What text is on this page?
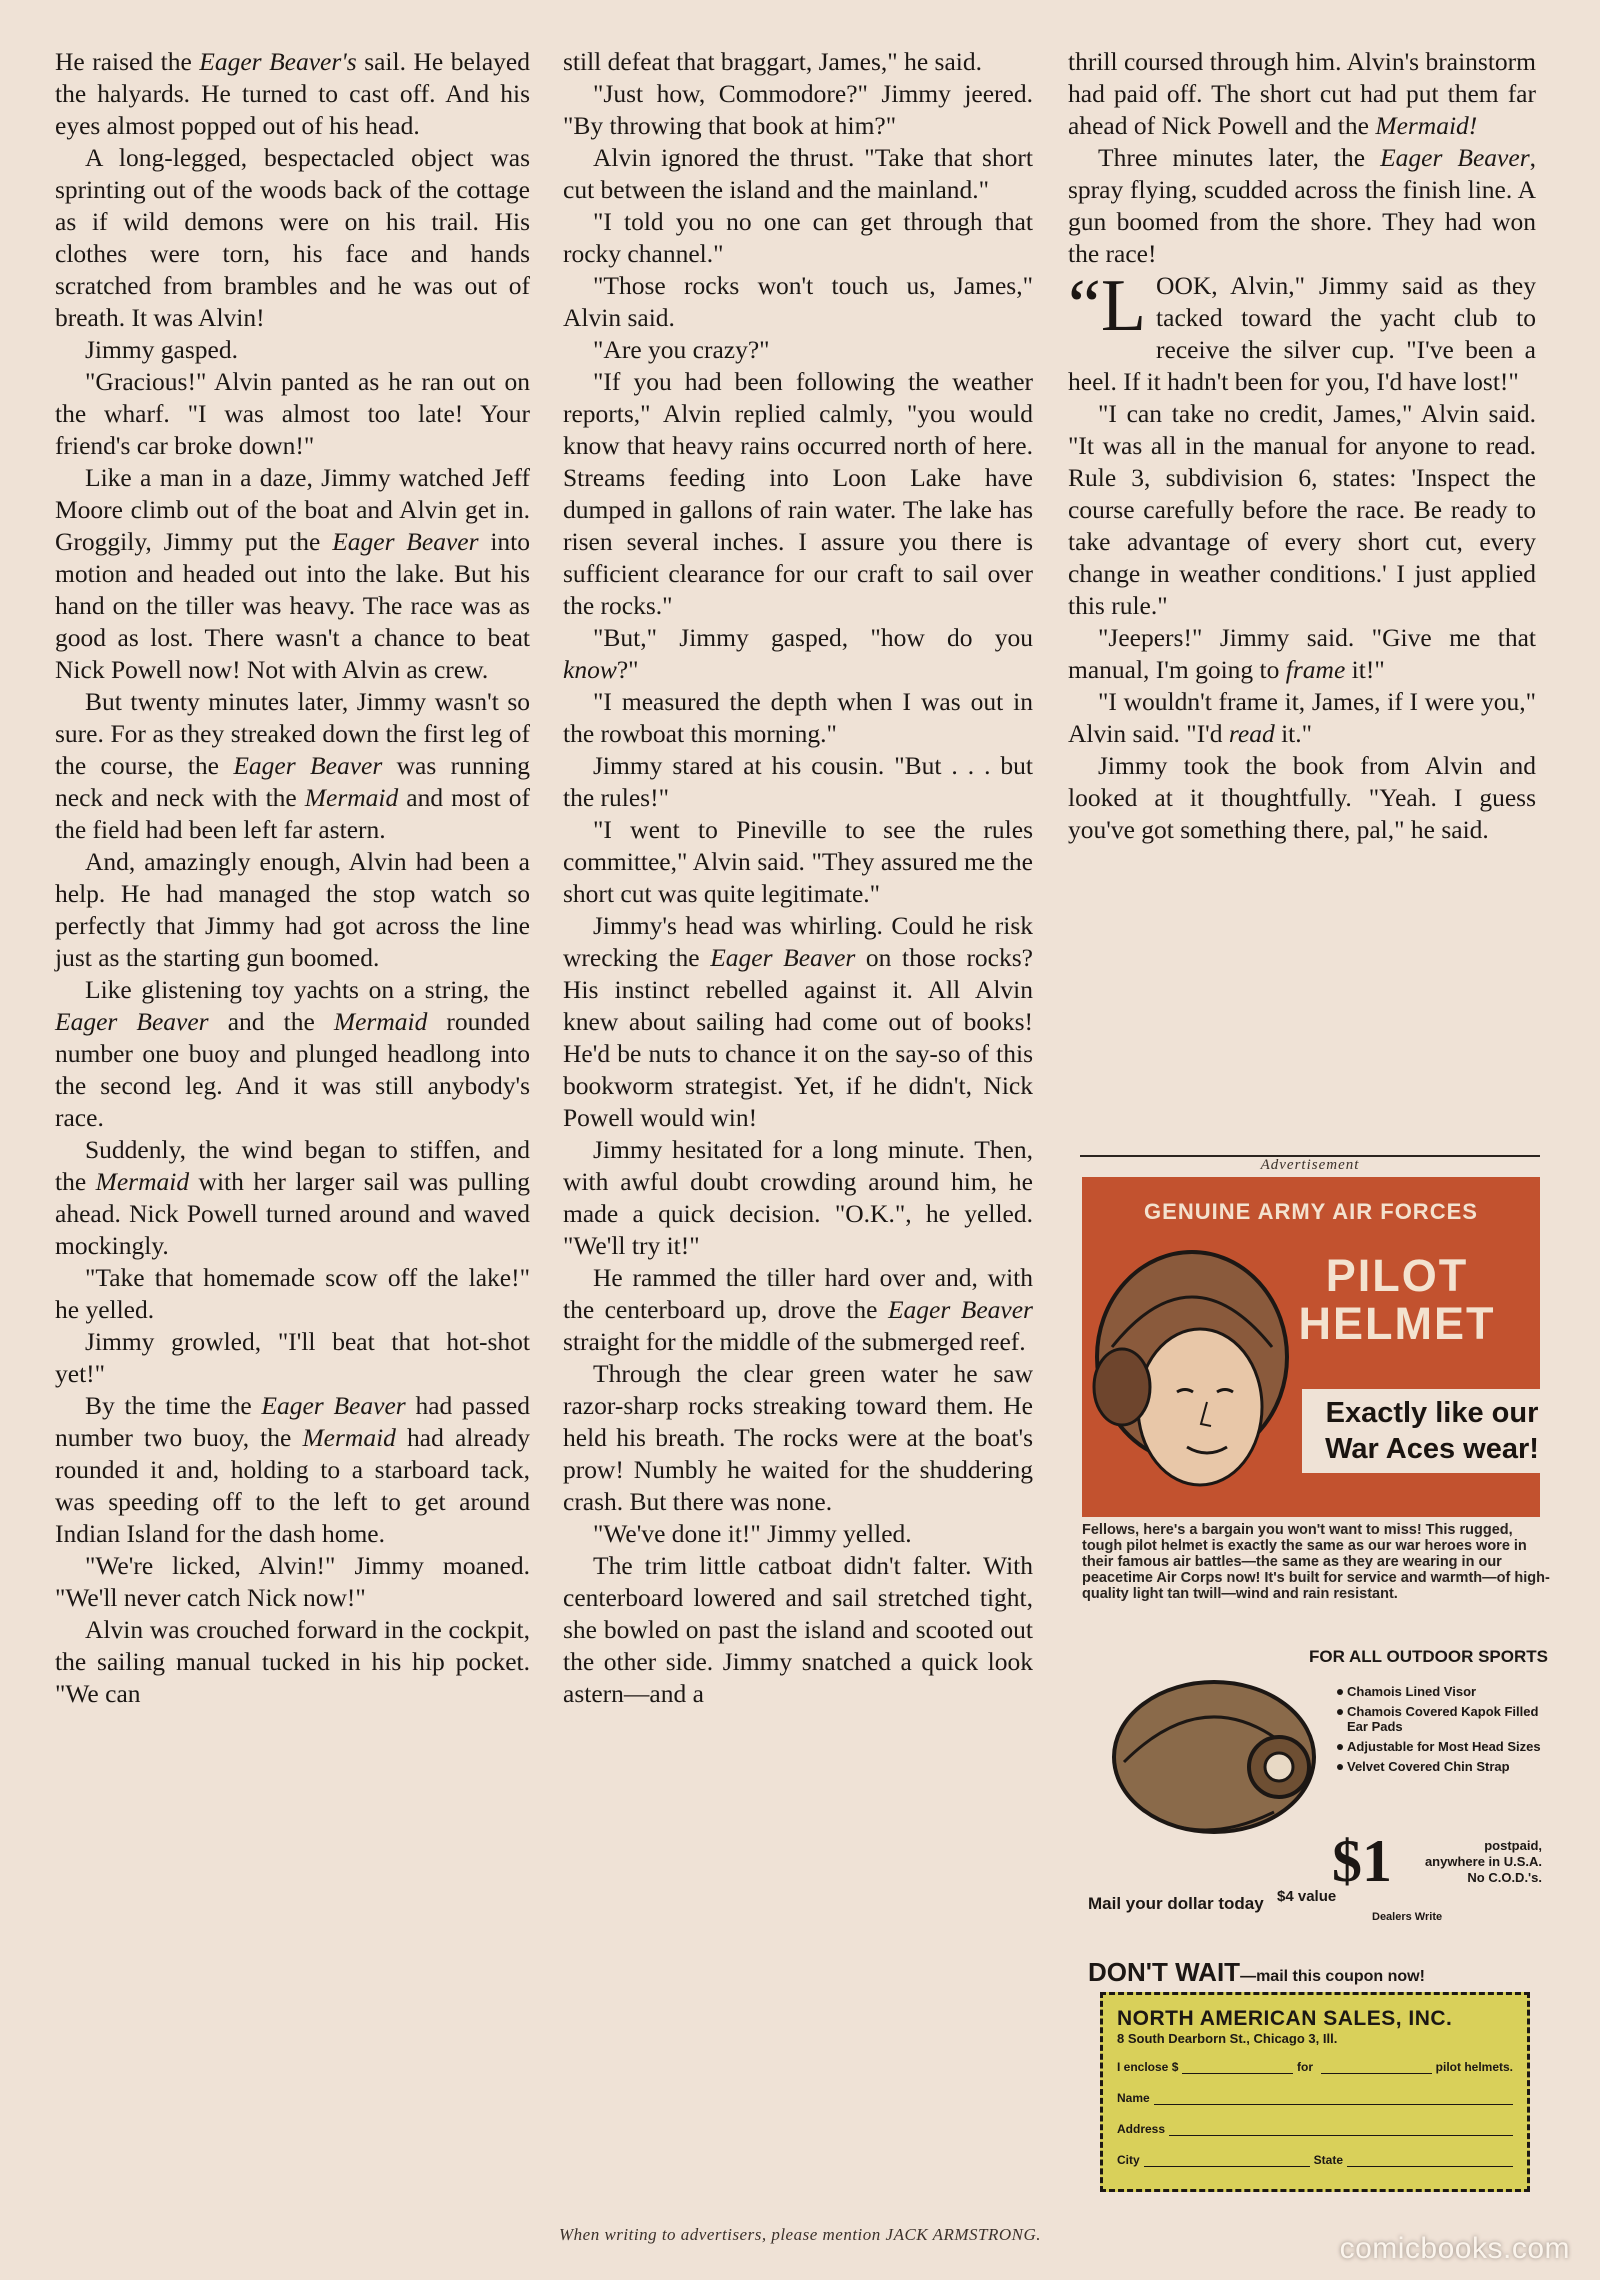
He raised the Eager Beaver's sail. He belayed the halyards. He turned to cast off. And his eyes almost popped out of his head.

A long-legged, bespectacled object was sprinting out of the woods back of the cottage as if wild demons were on his trail. His clothes were torn, his face and hands scratched from brambles and he was out of breath. It was Alvin!

Jimmy gasped.

"Gracious!" Alvin panted as he ran out on the wharf. "I was almost too late! Your friend's car broke down!"

Like a man in a daze, Jimmy watched Jeff Moore climb out of the boat and Alvin get in. Groggily, Jimmy put the Eager Beaver into motion and headed out into the lake. But his hand on the tiller was heavy. The race was as good as lost. There wasn't a chance to beat Nick Powell now! Not with Alvin as crew.

But twenty minutes later, Jimmy wasn't so sure. For as they streaked down the first leg of the course, the Eager Beaver was running neck and neck with the Mermaid and most of the field had been left far astern.

And, amazingly enough, Alvin had been a help. He had managed the stop watch so perfectly that Jimmy had got across the line just as the starting gun boomed.

Like glistening toy yachts on a string, the Eager Beaver and the Mermaid rounded number one buoy and plunged headlong into the second leg. And it was still anybody's race.

Suddenly, the wind began to stiffen, and the Mermaid with her larger sail was pulling ahead. Nick Powell turned around and waved mockingly.

"Take that homemade scow off the lake!" he yelled.

Jimmy growled, "I'll beat that hot-shot yet!"

By the time the Eager Beaver had passed number two buoy, the Mermaid had already rounded it and, holding to a starboard tack, was speeding off to the left to get around Indian Island for the dash home.

"We're licked, Alvin!" Jimmy moaned. "We'll never catch Nick now!"

Alvin was crouched forward in the cockpit, the sailing manual tucked in his hip pocket. "We can

still defeat that braggart, James," he said.

"Just how, Commodore?" Jimmy jeered. "By throwing that book at him?"

Alvin ignored the thrust. "Take that short cut between the island and the mainland."

"I told you no one can get through that rocky channel."

"Those rocks won't touch us, James," Alvin said.

"Are you crazy?"

"If you had been following the weather reports," Alvin replied calmly, "you would know that heavy rains occurred north of here. Streams feeding into Loon Lake have dumped in gallons of rain water. The lake has risen several inches. I assure you there is sufficient clearance for our craft to sail over the rocks."

"But," Jimmy gasped, "how do you know?"

"I measured the depth when I was out in the rowboat this morning."

Jimmy stared at his cousin. "But . . . but the rules!"

"I went to Pineville to see the rules committee," Alvin said. "They assured me the short cut was quite legitimate."

Jimmy's head was whirling. Could he risk wrecking the Eager Beaver on those rocks? His instinct rebelled against it. All Alvin knew about sailing had come out of books! He'd be nuts to chance it on the say-so of this bookworm strategist. Yet, if he didn't, Nick Powell would win!

Jimmy hesitated for a long minute. Then, with awful doubt crowding around him, he made a quick decision. "O.K.", he yelled. "We'll try it!"

He rammed the tiller hard over and, with the centerboard up, drove the Eager Beaver straight for the middle of the submerged reef.

Through the clear green water he saw razor-sharp rocks streaking toward them. He held his breath. The rocks were at the boat's prow! Numbly he waited for the shuddering crash. But there was none.

"We've done it!" Jimmy yelled.

The trim little catboat didn't falter. With centerboard lowered and sail stretched tight, she bowled on past the island and scooted out the other side. Jimmy snatched a quick look astern—and a

thrill coursed through him. Alvin's brainstorm had paid off. The short cut had put them far ahead of Nick Powell and the Mermaid!

Three minutes later, the Eager Beaver, spray flying, scudded across the finish line. A gun boomed from the shore. They had won the race!

“LOOK, Alvin," Jimmy said as they tacked toward the yacht club to receive the silver cup. "I've been a heel. If it hadn't been for you, I'd have lost!"

"I can take no credit, James," Alvin said. "It was all in the manual for anyone to read. Rule 3, subdivision 6, states: 'Inspect the course carefully before the race. Be ready to take advantage of every short cut, every change in weather conditions.' I just applied this rule."

"Jeepers!" Jimmy said. "Give me that manual, I'm going to frame it!"

"I wouldn't frame it, James, if I were you," Alvin said. "I'd read it."

Jimmy took the book from Alvin and looked at it thoughtfully. "Yeah. I guess you've got something there, pal," he said.

Advertisement
GENUINE ARMY AIR FORCES
PILOT
HELMET
Exactly like our War Aces wear!
Fellows, here's a bargain you won't want to miss! This rugged, tough pilot helmet is exactly the same as our war heroes wore in their famous air battles—the same as they are wearing in our peacetime Air Corps now! It's built for service and warmth—of high-quality light tan twill—wind and rain resistant.
FOR ALL OUTDOOR SPORTS
Chamois Lined Visor
Chamois Covered Kapok Filled Ear Pads
Adjustable for Most Head Sizes
Velvet Covered Chin Strap
Mail your dollar today $4 value
$1	postpaid, anywhere in U.S.A. No C.O.D.'s.
Dealers Write
DON'T WAIT—mail this coupon now!
NORTH AMERICAN SALES, INC.
8 South Dearborn St., Chicago 3, Ill.
I enclose $	for	pilot helmets.
Name
Address
City	State
When writing to advertisers, please mention JACK ARMSTRONG.	comicbooks.com
